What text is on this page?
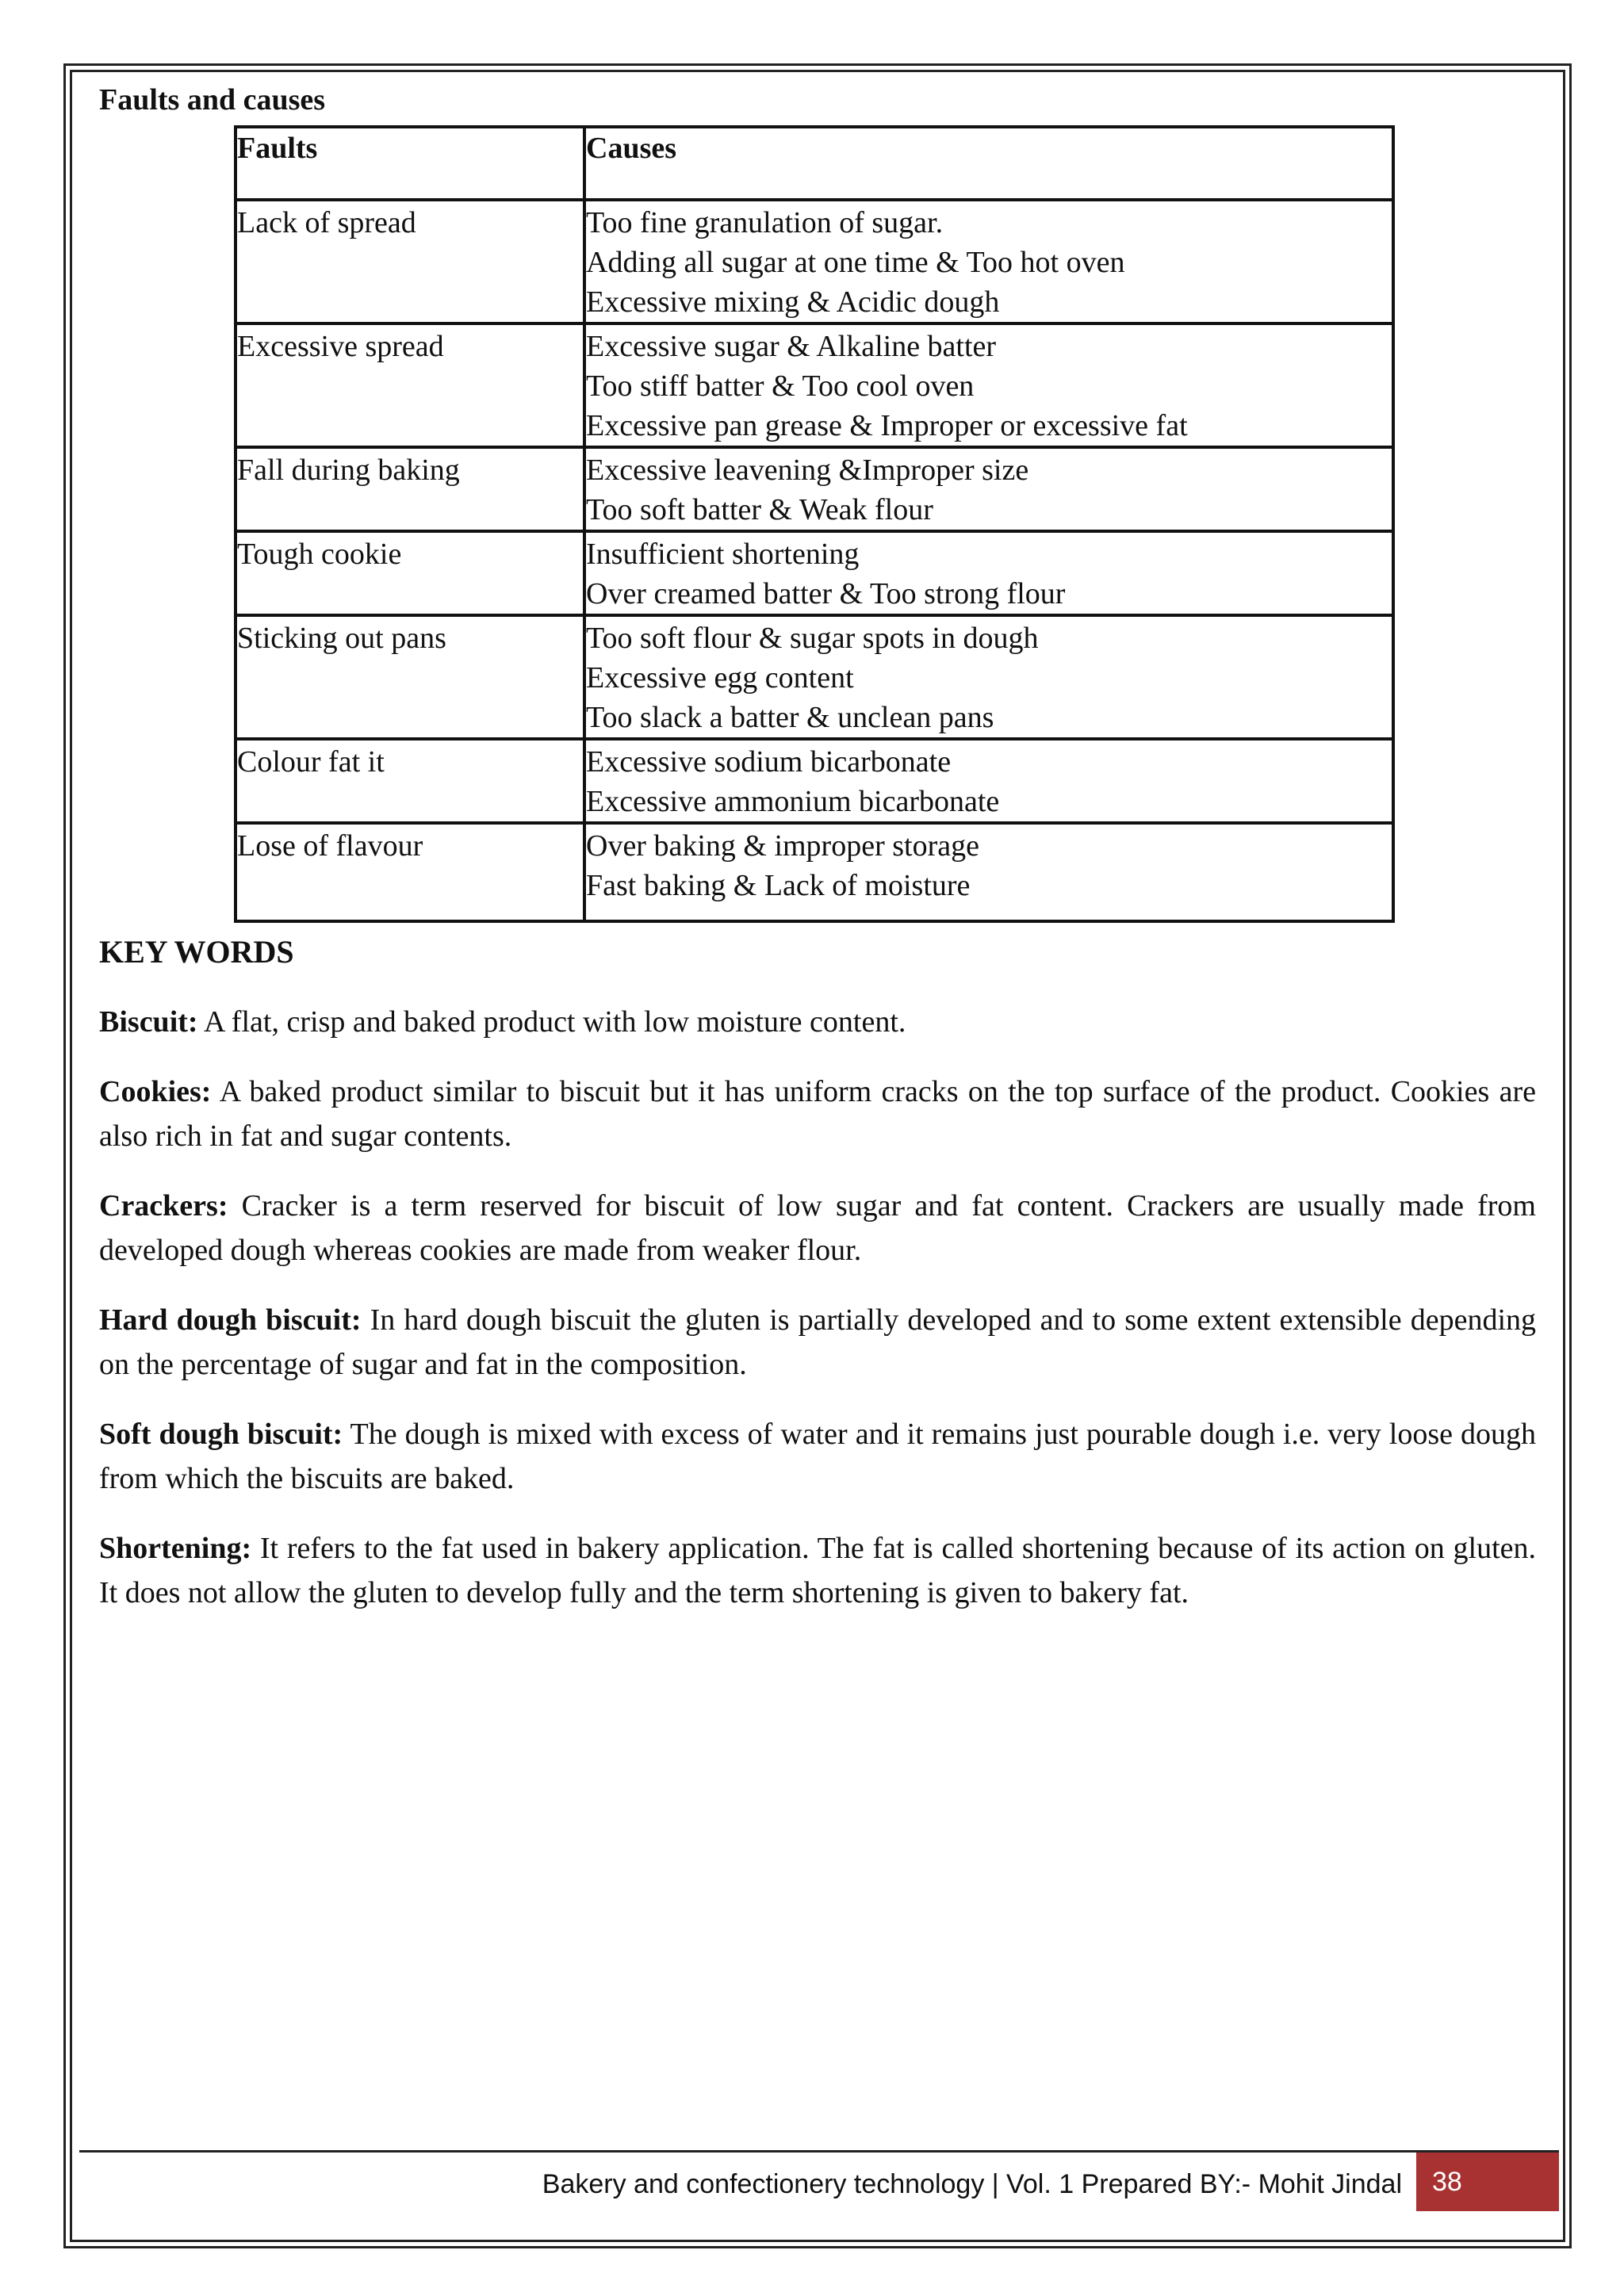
Faults and causes
Faults	Causes
Lack of spread	Too fine granulation of sugar.
Adding all sugar at one time & Too hot oven
Excessive mixing & Acidic dough

Excessive spread	Excessive sugar & Alkaline batter
Too stiff batter & Too cool oven
Excessive pan grease & Improper or excessive fat

Fall during baking	Excessive leavening &Improper size
Too soft batter & Weak flour

Tough cookie	Insufficient shortening
Over creamed batter & Too strong flour

Sticking out pans	Too soft flour & sugar spots in dough
Excessive egg content
Too slack a batter & unclean pans

Colour fat it	Excessive sodium bicarbonate
Excessive ammonium bicarbonate

Lose of flavour	Over baking & improper storage
Fast baking & Lack of moisture
KEY WORDS

Biscuit: A flat, crisp and baked product with low moisture content.

Cookies: A baked product similar to biscuit but it has uniform cracks on the top surface of the product. Cookies are also rich in fat and sugar contents.

Crackers: Cracker is a term reserved for biscuit of low sugar and fat content. Crackers are usually made from developed dough whereas cookies are made from weaker flour.

Hard dough biscuit: In hard dough biscuit the gluten is partially developed and to some extent extensible depending on the percentage of sugar and fat in the composition.

Soft dough biscuit: The dough is mixed with excess of water and it remains just pourable dough i.e. very loose dough from which the biscuits are baked.

Shortening: It refers to the fat used in bakery application. The fat is called shortening because of its action on gluten. It does not allow the gluten to develop fully and the term shortening is given to bakery fat.

Bakery and confectionery technology | Vol. 1 Prepared BY:- Mohit Jindal	38
